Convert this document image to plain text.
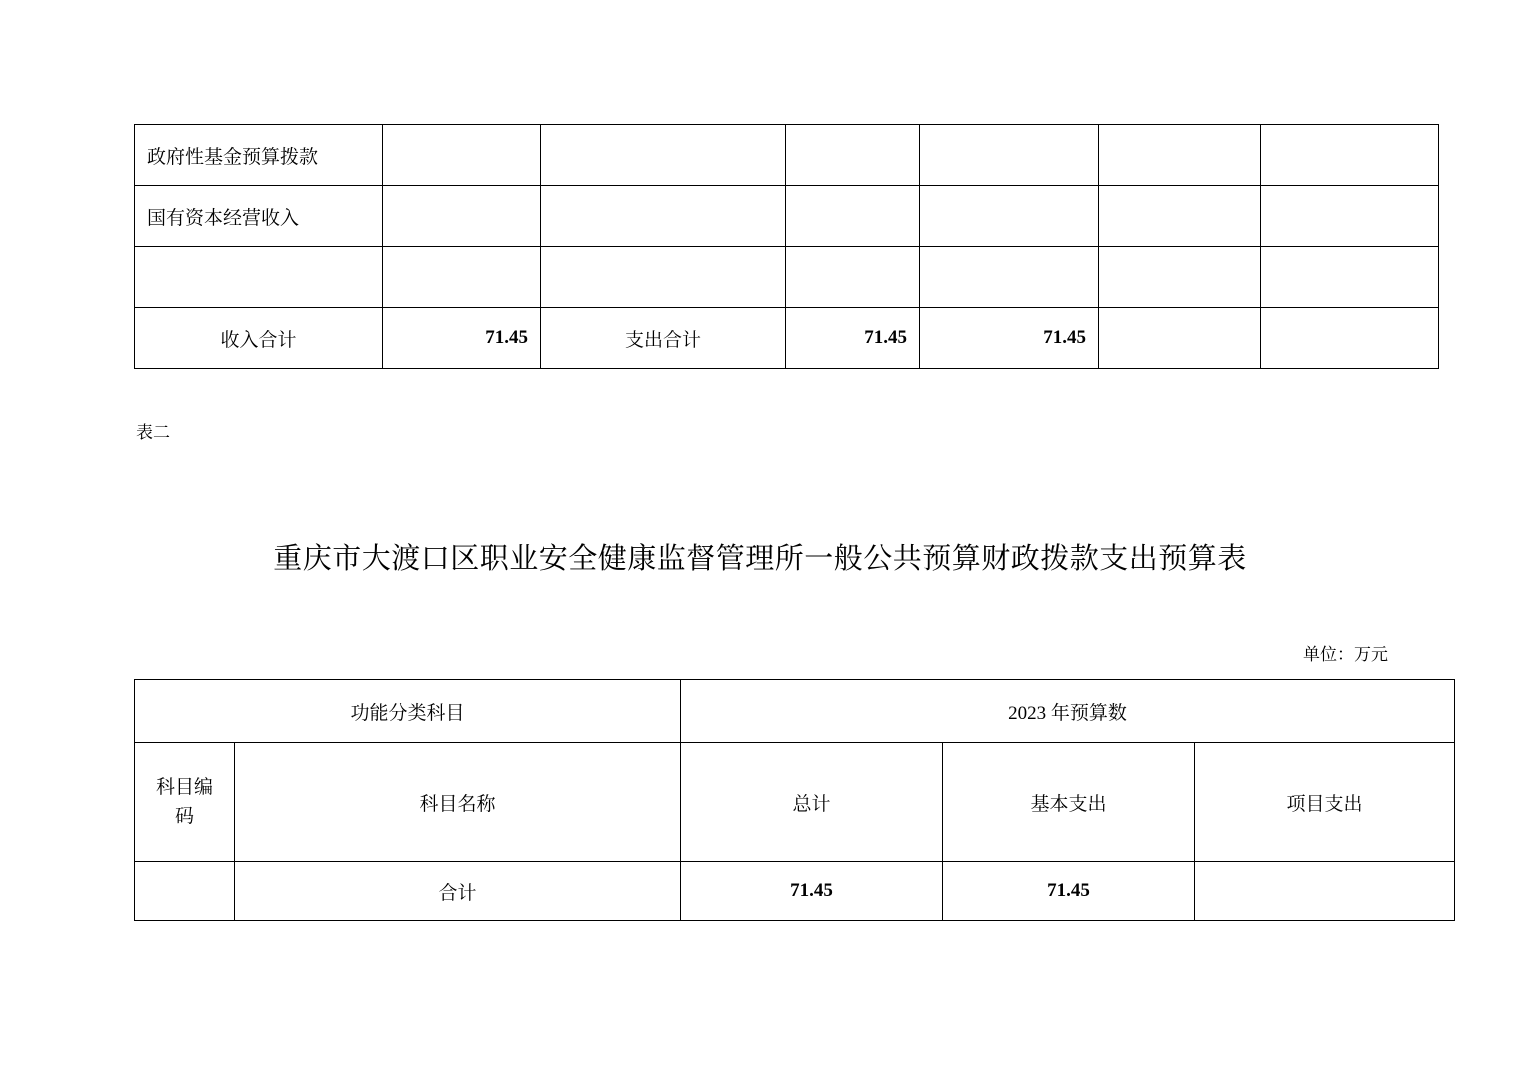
政府性基金预算拨款						
国有资本经营收入						

收入合计	71.45	支出合计	71.45	71.45		
表二
重庆市大渡口区职业安全健康监督管理所一般公共预算财政拨款支出预算表
单位：万元
功能分类科目		2023 年预算数		

科目编
码	科目名称	总计	基本支出	项目支出
	合计	71.45	71.45	
